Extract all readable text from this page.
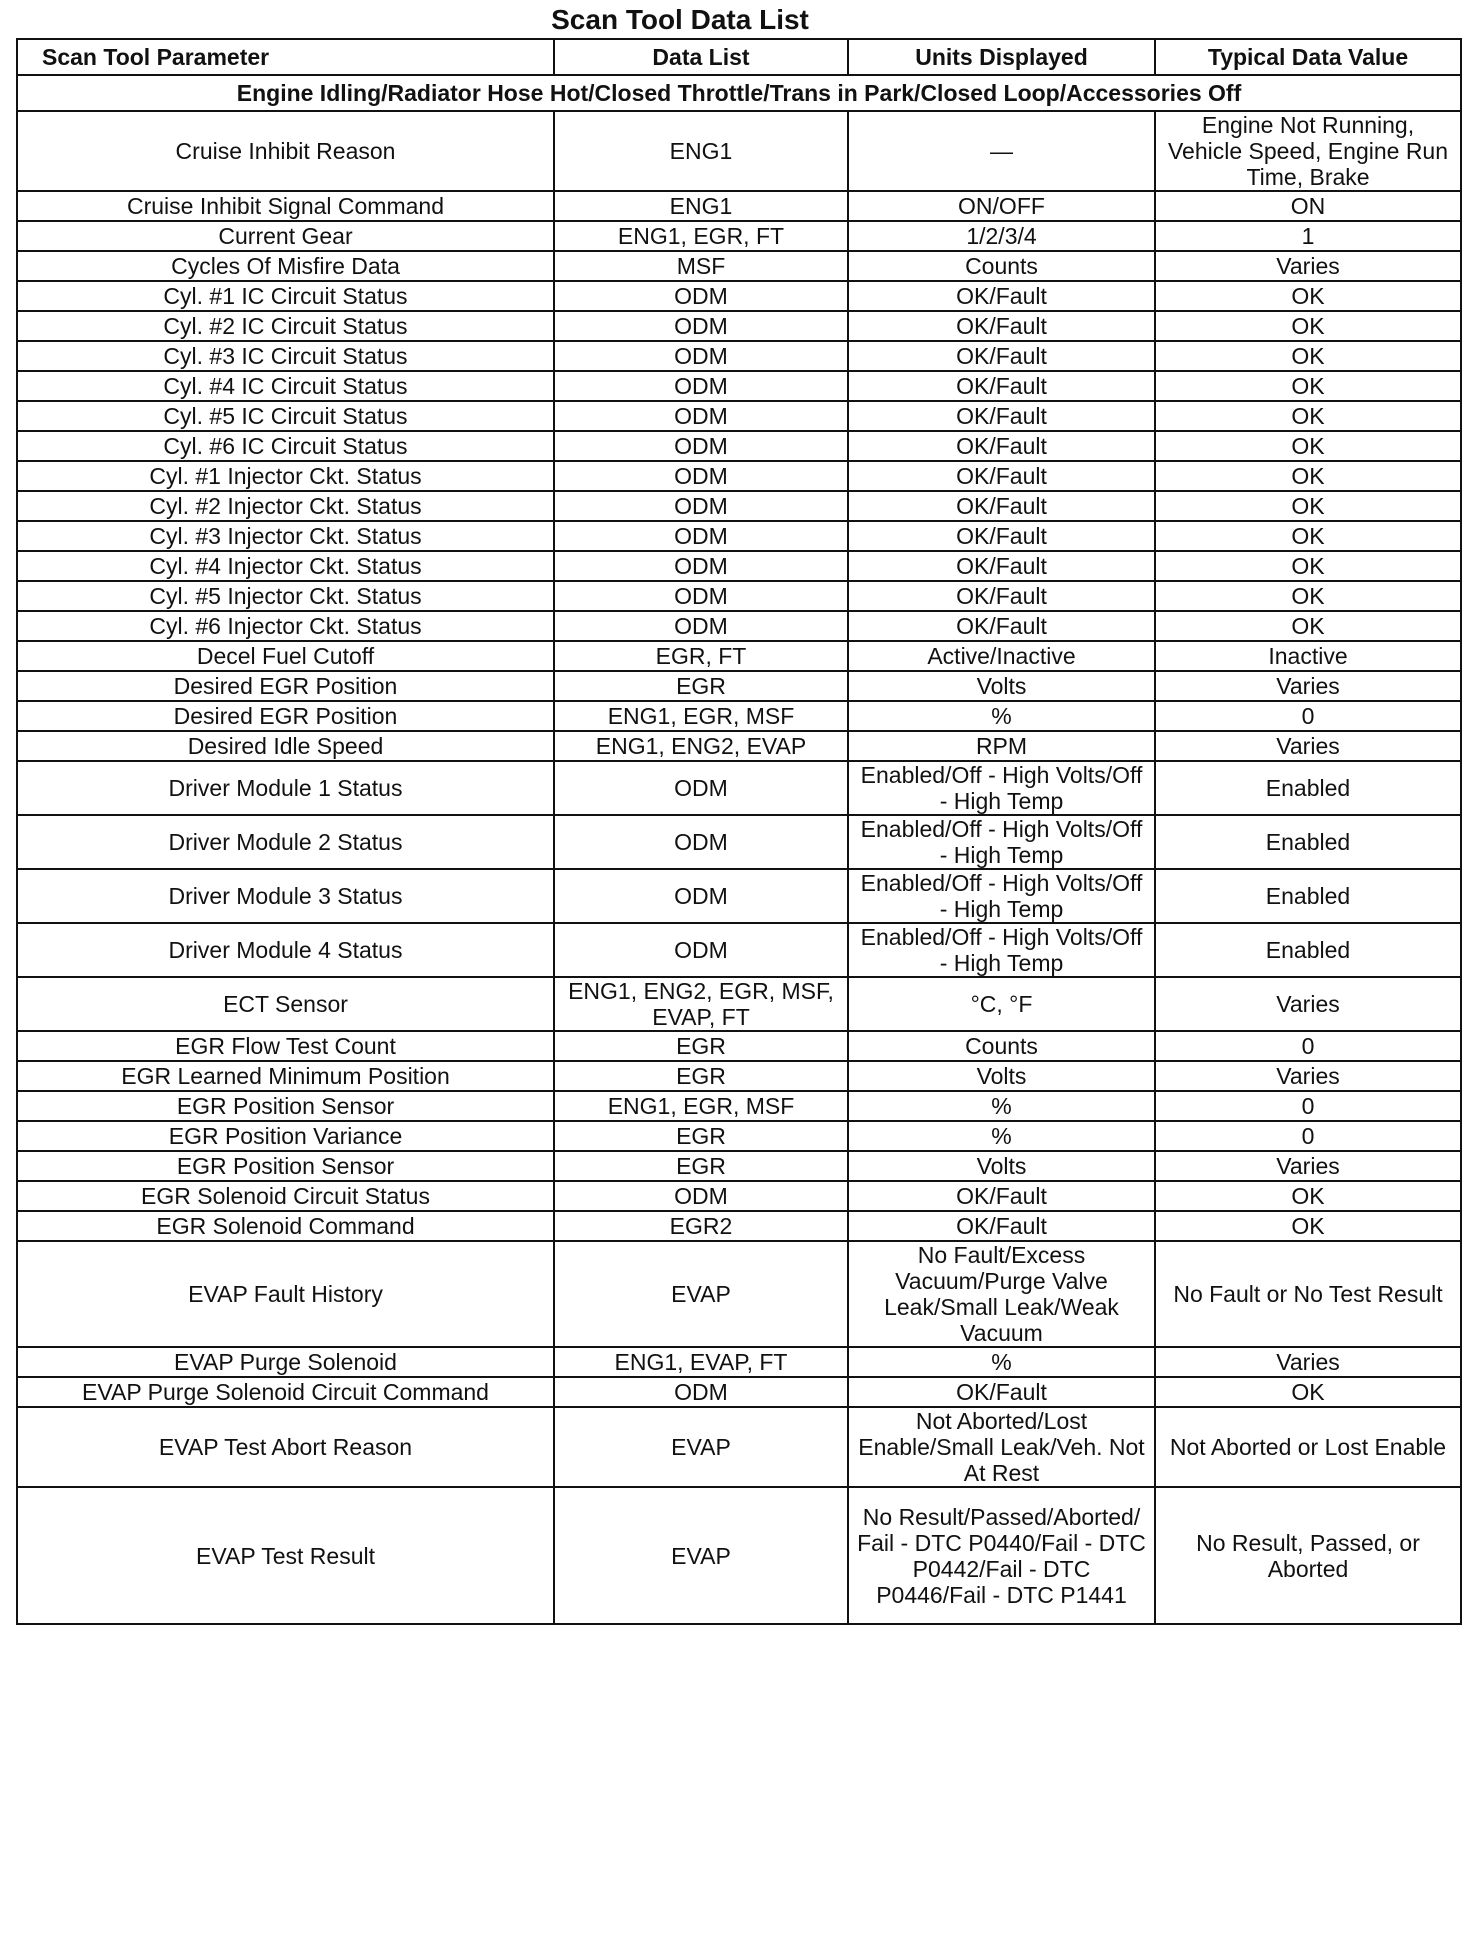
Scan Tool Data List
Scan Tool Parameter	Data List	Units Displayed	Typical Data Value
Engine Idling/Radiator Hose Hot/Closed Throttle/Trans in Park/Closed Loop/Accessories Off			
Cruise Inhibit Reason	ENG1	—	Engine Not Running, Vehicle Speed, Engine Run Time, Brake
Cruise Inhibit Signal Command	ENG1	ON/OFF	ON
Current Gear	ENG1, EGR, FT	1/2/3/4	1
Cycles Of Misfire Data	MSF	Counts	Varies
Cyl. #1 IC Circuit Status	ODM	OK/Fault	OK
Cyl. #2 IC Circuit Status	ODM	OK/Fault	OK
Cyl. #3 IC Circuit Status	ODM	OK/Fault	OK
Cyl. #4 IC Circuit Status	ODM	OK/Fault	OK
Cyl. #5 IC Circuit Status	ODM	OK/Fault	OK
Cyl. #6 IC Circuit Status	ODM	OK/Fault	OK
Cyl. #1 Injector Ckt. Status	ODM	OK/Fault	OK
Cyl. #2 Injector Ckt. Status	ODM	OK/Fault	OK
Cyl. #3 Injector Ckt. Status	ODM	OK/Fault	OK
Cyl. #4 Injector Ckt. Status	ODM	OK/Fault	OK
Cyl. #5 Injector Ckt. Status	ODM	OK/Fault	OK
Cyl. #6 Injector Ckt. Status	ODM	OK/Fault	OK
Decel Fuel Cutoff	EGR, FT	Active/Inactive	Inactive
Desired EGR Position	EGR	Volts	Varies
Desired EGR Position	ENG1, EGR, MSF	%	0
Desired Idle Speed	ENG1, ENG2, EVAP	RPM	Varies
Driver Module 1 Status	ODM	Enabled/Off - High Volts/Off - High Temp	Enabled
Driver Module 2 Status	ODM	Enabled/Off - High Volts/Off - High Temp	Enabled
Driver Module 3 Status	ODM	Enabled/Off - High Volts/Off - High Temp	Enabled
Driver Module 4 Status	ODM	Enabled/Off - High Volts/Off - High Temp	Enabled
ECT Sensor	ENG1, ENG2, EGR, MSF, EVAP, FT	°C, °F	Varies
EGR Flow Test Count	EGR	Counts	0
EGR Learned Minimum Position	EGR	Volts	Varies
EGR Position Sensor	ENG1, EGR, MSF	%	0
EGR Position Variance	EGR	%	0
EGR Position Sensor	EGR	Volts	Varies
EGR Solenoid Circuit Status	ODM	OK/Fault	OK
EGR Solenoid Command	EGR2	OK/Fault	OK
EVAP Fault History	EVAP	No Fault/Excess Vacuum/Purge Valve Leak/Small Leak/Weak Vacuum	No Fault or No Test Result
EVAP Purge Solenoid	ENG1, EVAP, FT	%	Varies
EVAP Purge Solenoid Circuit Command	ODM	OK/Fault	OK
EVAP Test Abort Reason	EVAP	Not Aborted/Lost Enable/Small Leak/Veh. Not At Rest	Not Aborted or Lost Enable
EVAP Test Result	EVAP	No Result/Passed/Aborted/ Fail - DTC P0440/Fail - DTC P0442/Fail - DTC P0446/Fail - DTC P1441	No Result, Passed, or Aborted
